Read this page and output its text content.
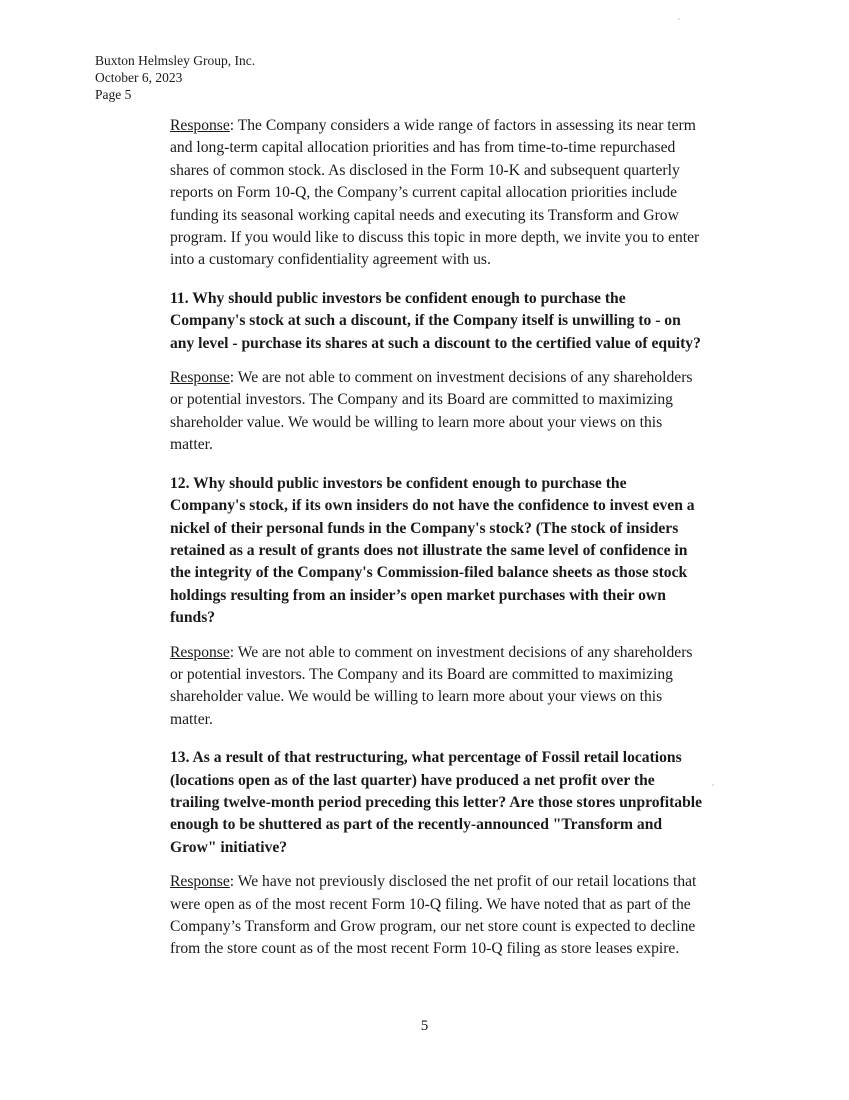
Buxton Helmsley Group, Inc.
October 6, 2023
Page 5
Response: The Company considers a wide range of factors in assessing its near term
and long-term capital allocation priorities and has from time-to-time repurchased
shares of common stock. As disclosed in the Form 10-K and subsequent quarterly
reports on Form 10-Q, the Company’s current capital allocation priorities include
funding its seasonal working capital needs and executing its Transform and Grow
program. If you would like to discuss this topic in more depth, we invite you to enter
into a customary confidentiality agreement with us.
11. Why should public investors be confident enough to purchase the
Company's stock at such a discount, if the Company itself is unwilling to - on
any level - purchase its shares at such a discount to the certified value of equity?
Response: We are not able to comment on investment decisions of any shareholders
or potential investors. The Company and its Board are committed to maximizing
shareholder value. We would be willing to learn more about your views on this
matter.
12. Why should public investors be confident enough to purchase the
Company's stock, if its own insiders do not have the confidence to invest even a
nickel of their personal funds in the Company's stock? (The stock of insiders
retained as a result of grants does not illustrate the same level of confidence in
the integrity of the Company's Commission-filed balance sheets as those stock
holdings resulting from an insider’s open market purchases with their own
funds?
Response: We are not able to comment on investment decisions of any shareholders
or potential investors. The Company and its Board are committed to maximizing
shareholder value. We would be willing to learn more about your views on this
matter.
13. As a result of that restructuring, what percentage of Fossil retail locations
(locations open as of the last quarter) have produced a net profit over the
trailing twelve-month period preceding this letter? Are those stores unprofitable
enough to be shuttered as part of the recently-announced "Transform and
Grow" initiative?
Response: We have not previously disclosed the net profit of our retail locations that
were open as of the most recent Form 10-Q filing. We have noted that as part of the
Company’s Transform and Grow program, our net store count is expected to decline
from the store count as of the most recent Form 10-Q filing as store leases expire.
5
